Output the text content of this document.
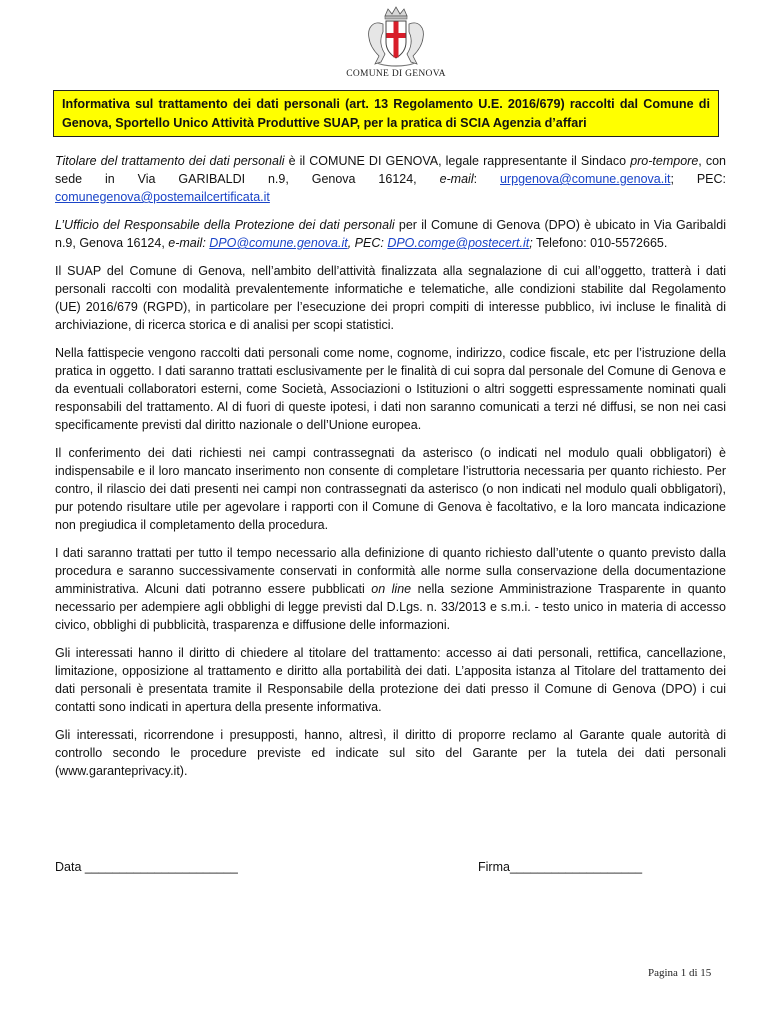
COMUNE DI GENOVA
Informativa sul trattamento dei dati personali (art. 13 Regolamento U.E. 2016/679) raccolti dal Comune di Genova, Sportello Unico Attività Produttive SUAP, per la pratica di SCIA Agenzia d’affari

Titolare del trattamento dei dati personali è il COMUNE DI GENOVA, legale rappresentante il Sindaco pro-tempore, con sede in Via GARIBALDI n.9, Genova 16124, e-mail: urpgenova@comune.genova.it; PEC: comunegenova@postemailcertificata.it

L’Ufficio del Responsabile della Protezione dei dati personali per il Comune di Genova (DPO) è ubicato in Via Garibaldi n.9, Genova 16124, e-mail: DPO@comune.genova.it, PEC: DPO.comge@postecert.it; Telefono: 010-5572665.

Il SUAP del Comune di Genova, nell’ambito dell’attività finalizzata alla segnalazione di cui all’oggetto, tratterà i dati personali raccolti con modalità prevalentemente informatiche e telematiche, alle condizioni stabilite dal Regolamento (UE) 2016/679 (RGPD), in particolare per l’esecuzione dei propri compiti di interesse pubblico, ivi incluse le finalità di archiviazione, di ricerca storica e di analisi per scopi statistici.

Nella fattispecie vengono raccolti dati personali come nome, cognome, indirizzo, codice fiscale, etc per l’istruzione della pratica in oggetto. I dati saranno trattati esclusivamente per le finalità di cui sopra dal personale del Comune di Genova e da eventuali collaboratori esterni, come Società, Associazioni o Istituzioni o altri soggetti espressamente nominati quali responsabili del trattamento. Al di fuori di queste ipotesi, i dati non saranno comunicati a terzi né diffusi, se non nei casi specificamente previsti dal diritto nazionale o dell’Unione europea.

Il conferimento dei dati richiesti nei campi contrassegnati da asterisco (o indicati nel modulo quali obbligatori) è indispensabile e il loro mancato inserimento non consente di completare l’istruttoria necessaria per quanto richiesto. Per contro, il rilascio dei dati presenti nei campi non contrassegnati da asterisco (o non indicati nel modulo quali obbligatori), pur potendo risultare utile per agevolare i rapporti con il Comune di Genova è facoltativo, e la loro mancata indicazione non pregiudica il completamento della procedura.

I dati saranno trattati per tutto il tempo necessario alla definizione di quanto richiesto dall’utente o quanto previsto dalla procedura e saranno successivamente conservati in conformità alle norme sulla conservazione della documentazione amministrativa. Alcuni dati potranno essere pubblicati on line nella sezione Amministrazione Trasparente in quanto necessario per adempiere agli obblighi di legge previsti dal D.Lgs. n. 33/2013 e s.m.i. - testo unico in materia di accesso civico, obblighi di pubblicità, trasparenza e diffusione delle informazioni.

Gli interessati hanno il diritto di chiedere al titolare del trattamento: accesso ai dati personali, rettifica, cancellazione, limitazione, opposizione al trattamento e diritto alla portabilità dei dati. L’apposita istanza al Titolare del trattamento dei dati personali è presentata tramite il Responsabile della protezione dei dati presso il Comune di Genova (DPO) i cui contatti sono indicati in apertura della presente informativa.

Gli interessati, ricorrendone i presupposti, hanno, altresì, il diritto di proporre reclamo al Garante quale autorità di controllo secondo le procedure previste ed indicate sul sito del Garante per la tutela dei dati personali (www.garanteprivacy.it).

Data ______________________	Firma___________________
Pagina 1 di 15
